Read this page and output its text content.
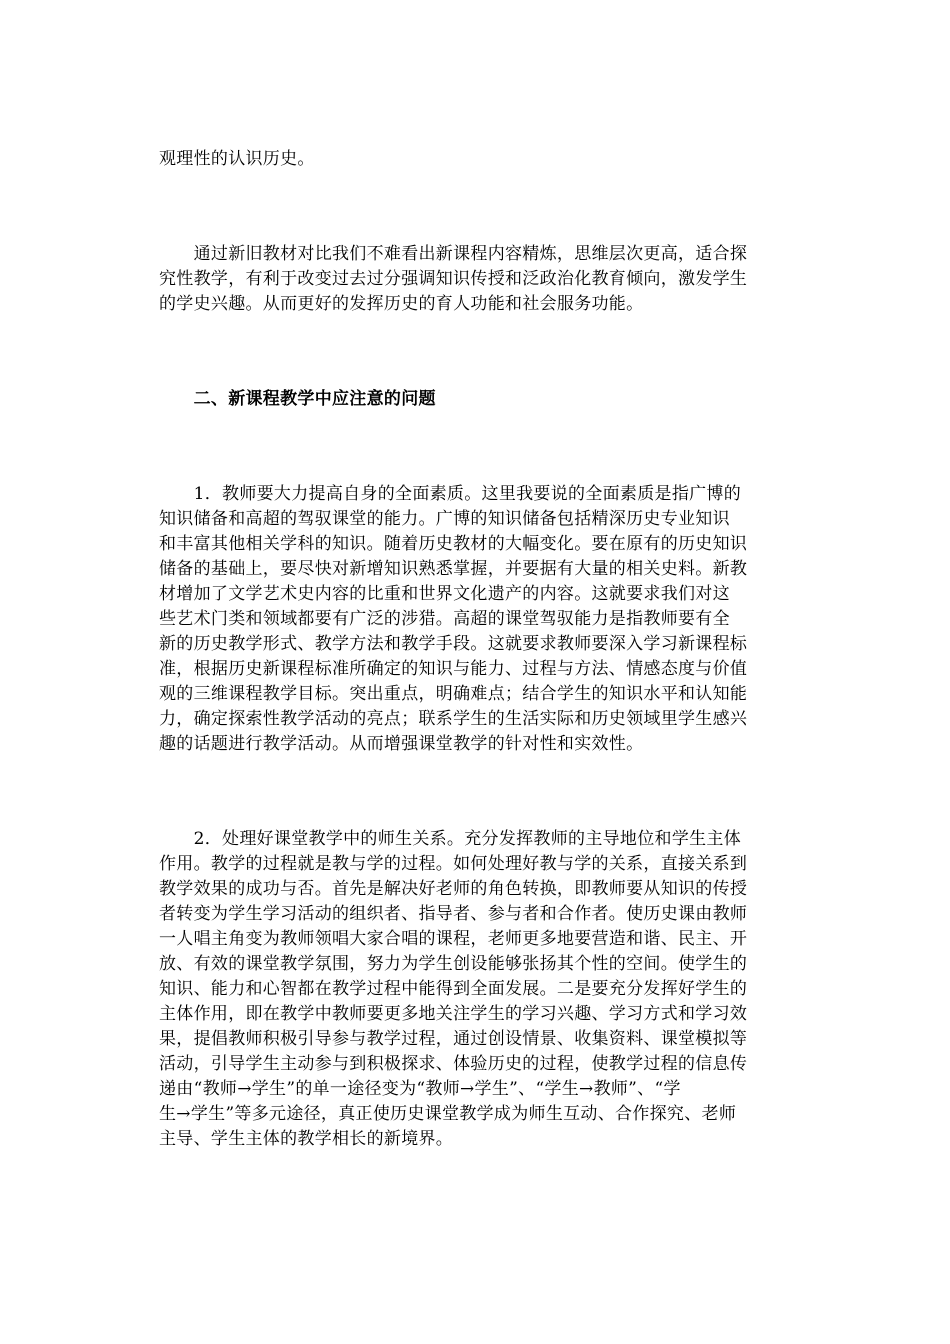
观理性的认识历史。
　　通过新旧教材对比我们不难看出新课程内容精炼，思维层次更高，适合探
究性教学，有利于改变过去过分强调知识传授和泛政治化教育倾向，激发学生
的学史兴趣。从而更好的发挥历史的育人功能和社会服务功能。
　　二、新课程教学中应注意的问题
　　1．教师要大力提高自身的全面素质。这里我要说的全面素质是指广博的
知识储备和高超的驾驭课堂的能力。广博的知识储备包括精深历史专业知识
和丰富其他相关学科的知识。随着历史教材的大幅变化。要在原有的历史知识
储备的基础上，要尽快对新增知识熟悉掌握，并要据有大量的相关史料。新教
材增加了文学艺术史内容的比重和世界文化遗产的内容。这就要求我们对这
些艺术门类和领域都要有广泛的涉猎。高超的课堂驾驭能力是指教师要有全
新的历史教学形式、教学方法和教学手段。这就要求教师要深入学习新课程标
准，根据历史新课程标准所确定的知识与能力、过程与方法、情感态度与价值
观的三维课程教学目标。突出重点，明确难点；结合学生的知识水平和认知能
力，确定探索性教学活动的亮点；联系学生的生活实际和历史领域里学生感兴
趣的话题进行教学活动。从而增强课堂教学的针对性和实效性。
　　2．处理好课堂教学中的师生关系。充分发挥教师的主导地位和学生主体
作用。教学的过程就是教与学的过程。如何处理好教与学的关系，直接关系到
教学效果的成功与否。首先是解决好老师的角色转换，即教师要从知识的传授
者转变为学生学习活动的组织者、指导者、参与者和合作者。使历史课由教师
一人唱主角变为教师领唱大家合唱的课程，老师更多地要营造和谐、民主、开
放、有效的课堂教学氛围，努力为学生创设能够张扬其个性的空间。使学生的
知识、能力和心智都在教学过程中能得到全面发展。二是要充分发挥好学生的
主体作用，即在教学中教师要更多地关注学生的学习兴趣、学习方式和学习效
果，提倡教师积极引导参与教学过程，通过创设情景、收集资料、课堂模拟等
活动，引导学生主动参与到积极探求、体验历史的过程，使教学过程的信息传
递由“教师→学生”的单一途径变为“教师→学生”、“学生→教师”、“学
生→学生”等多元途径，真正使历史课堂教学成为师生互动、合作探究、老师
主导、学生主体的教学相长的新境界。
